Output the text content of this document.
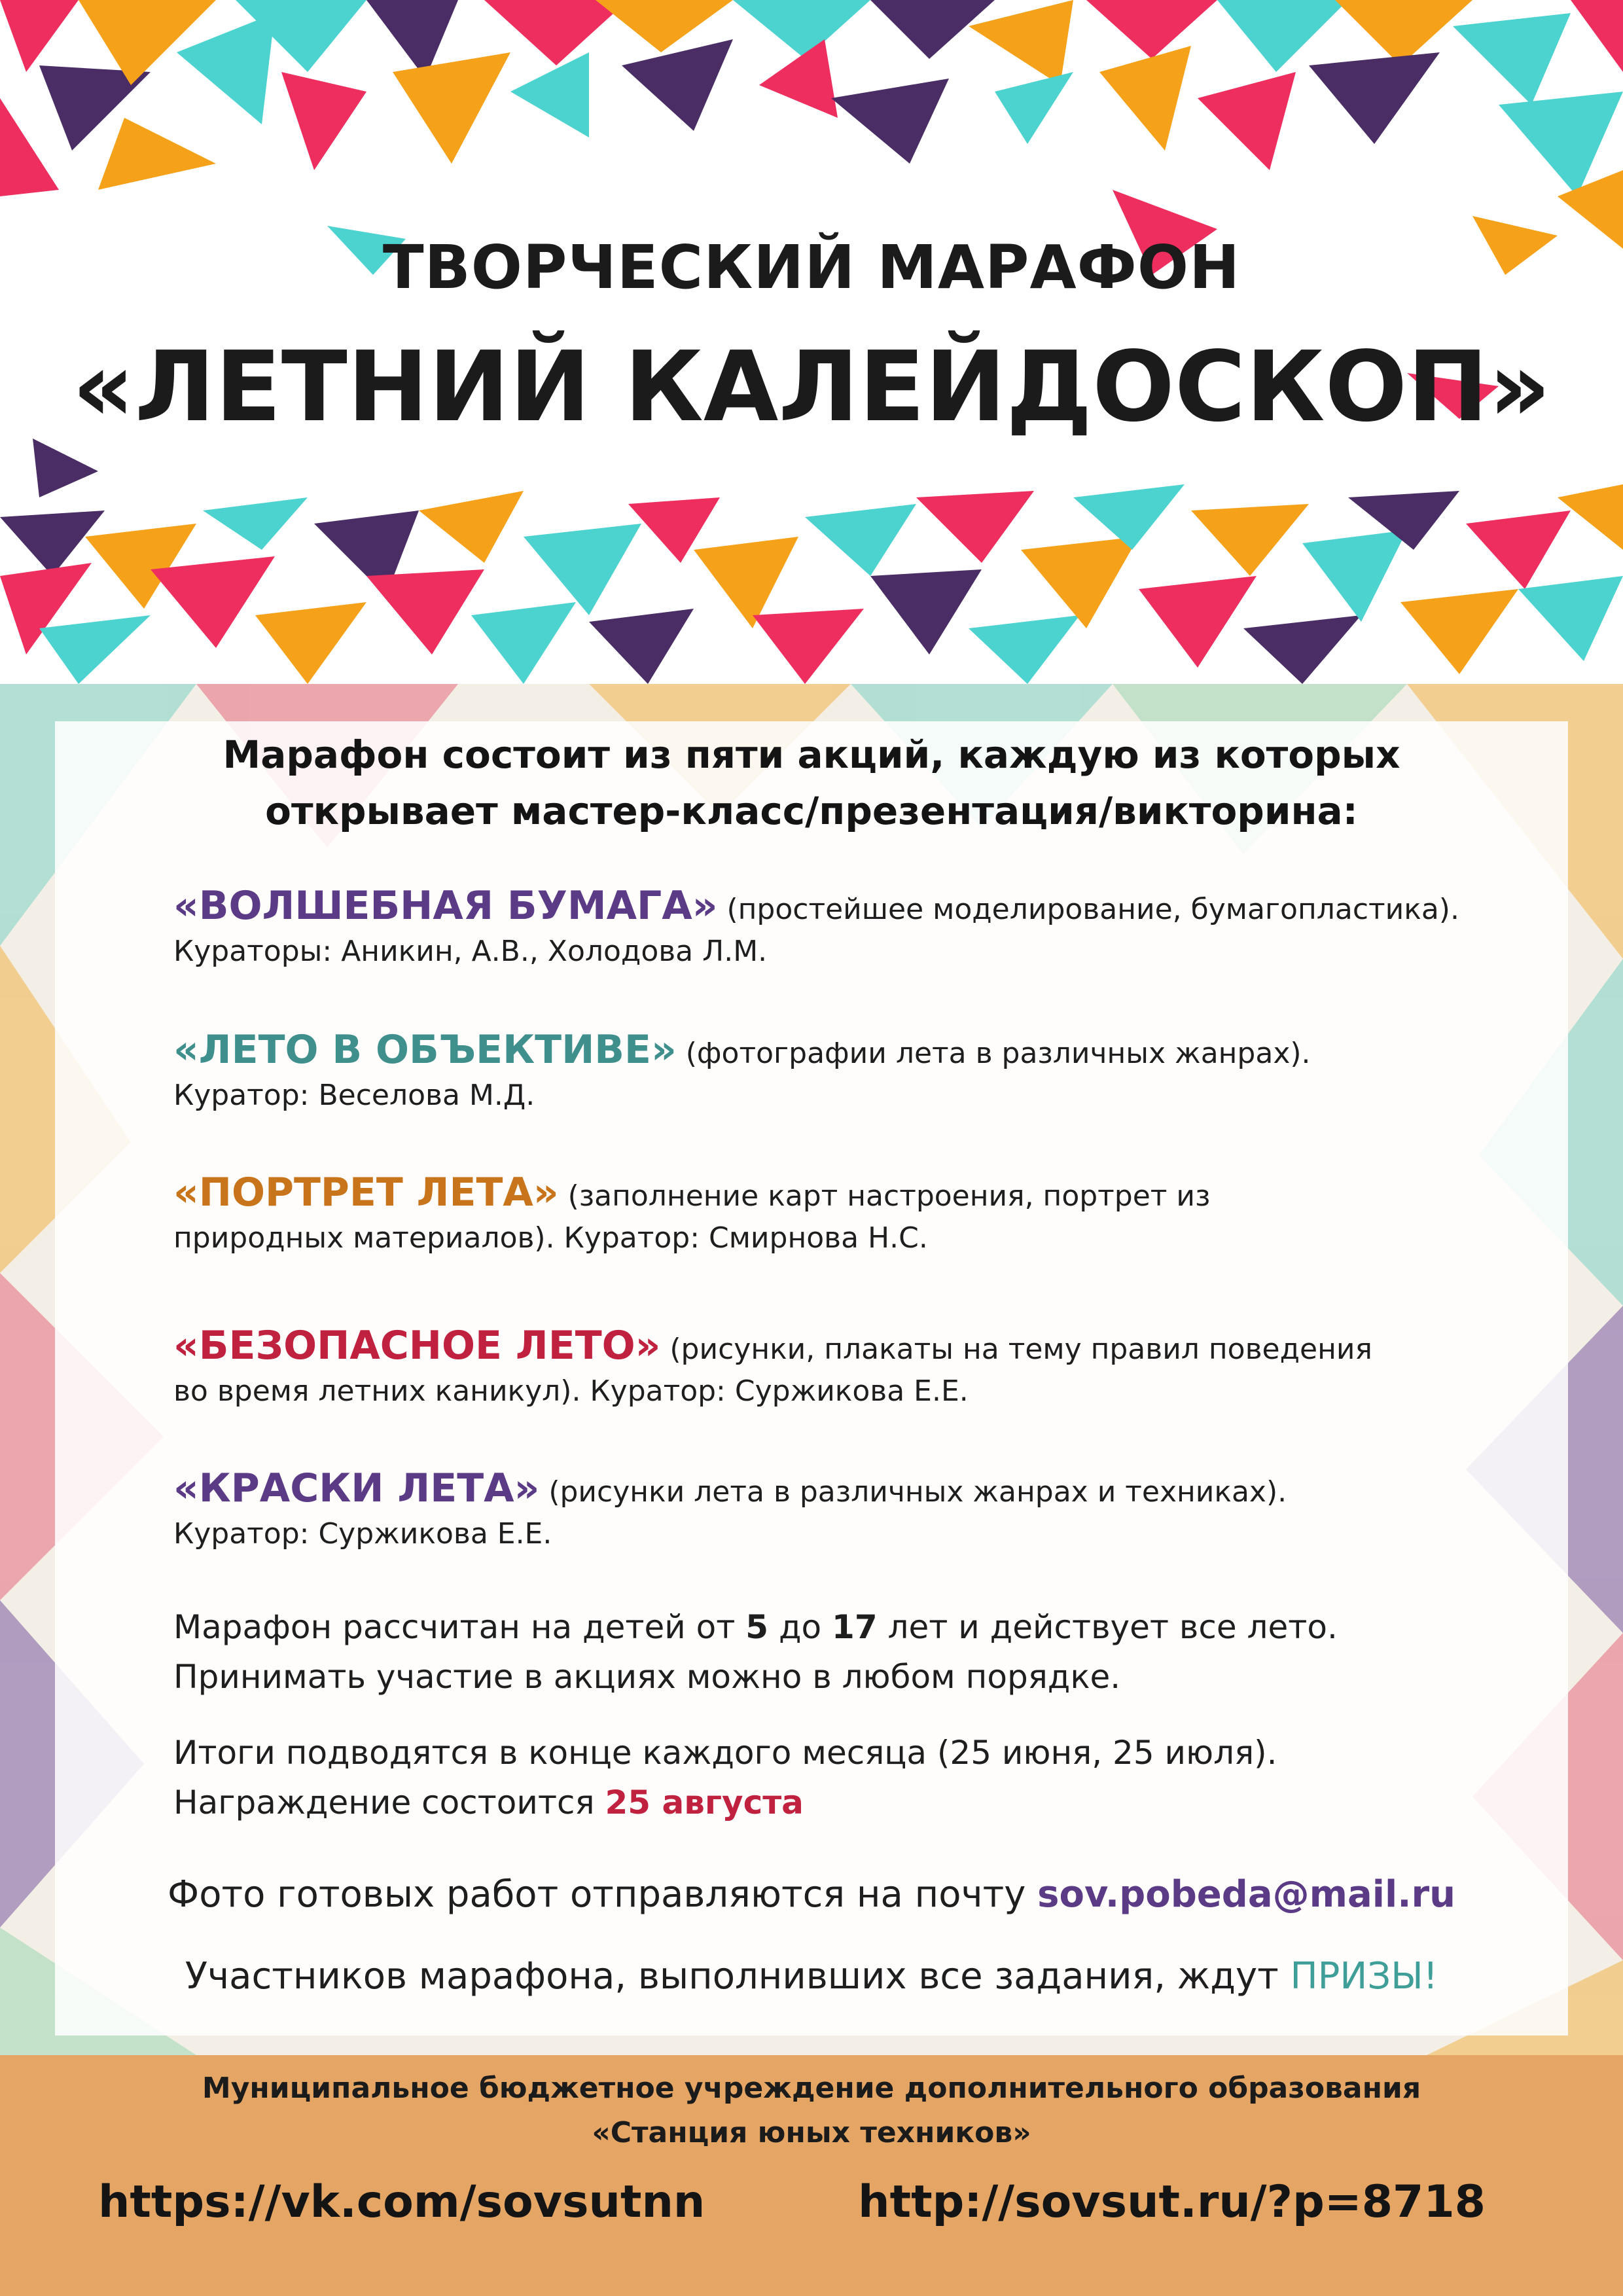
ТВОРЧЕСКИЙ МАРАФОН
«ЛЕТНИЙ КАЛЕЙДОСКОП»
Марафон состоит из пяти акций, каждую из которых
открывает мастер-класс/презентация/викторина:
«ВОЛШЕБНАЯ БУМАГА» (простейшее моделирование, бумагопластика).
Кураторы: Аникин, А.В., Холодова Л.М.
«ЛЕТО В ОБЪЕКТИВЕ» (фотографии лета в различных жанрах).
Куратор: Веселова М.Д.
«ПОРТРЕТ ЛЕТА» (заполнение карт настроения, портрет из
природных материалов). Куратор: Смирнова Н.С.
«БЕЗОПАСНОЕ ЛЕТО» (рисунки, плакаты на тему правил поведения
во время летних каникул). Куратор: Суржикова Е.Е.
«КРАСКИ ЛЕТА» (рисунки лета в различных жанрах и техниках).
Куратор: Суржикова Е.Е.
Марафон рассчитан на детей от 5 до 17 лет и действует все лето.
Принимать участие в акциях можно в любом порядке.
Итоги подводятся в конце каждого месяца (25 июня, 25 июля).
Награждение состоится 25 августа
Фото готовых работ отправляются на почту sov.pobeda@mail.ru
Участников марафона, выполнивших все задания, ждут ПРИЗЫ!
Муниципальное бюджетное учреждение дополнительного образования
«Станция юных техников»
https://vk.com/sovsutnn	http://sovsut.ru/?p=8718
